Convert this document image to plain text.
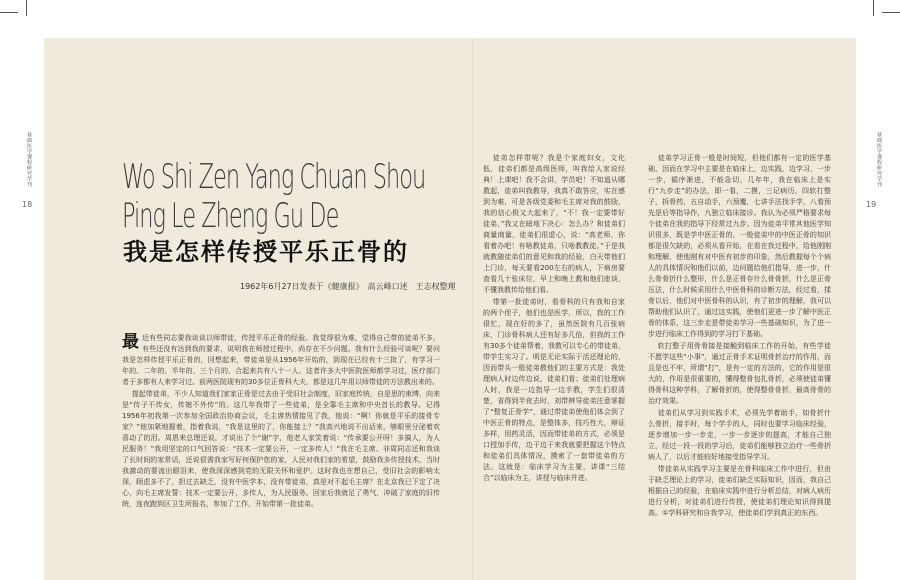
基础医学课程研究学刊	基础医学课程研究学刊
18	19
Wo Shi Zen Yang Chuan Shou
Ping Le Zheng Gu De
我是怎样传授平乐正骨的
1962年6月27日发表于《健康报》　高云峰口述　王志权整理

最近有些同志要我谈谈以师带徒，传授平乐正骨的经验。我觉得很为难，觉得自己带的徒弟不多，有些还没有达到我的要求，说明我在师授过程中，尚存在不少问题。我有什么经验可谈呢？要问我是怎样传授平乐正骨的，回想起来，带徒弟是从1956年开始的，到现在已经有十三批了，有学习一年的、二年的、半年的、三个月的，合起来共有八十一人。这者许多大中医院医师都学习过，医疗部门者于多都有人来学习过。前两医院现有的30多位正骨科大夫，都是这几年用以师带徒的方法教出来的。

提起带徒弟，不少人知道我们家家正骨是过去由于受旧社会制度，旧家庭传统，自是思的束缚，向来是“传子不传女，传媳不外传”的。这几年我带了一些徒弟，是全靠毛主席和中央首长的教导。记得1956年初我第一次参加全国政治协商会议，毛主席热情接见了我，他说：“啊！你就是平乐的接骨专家？”他加紧地握着，指着我说，“我是这里的了，你能接上？”我高兴地说不出话来，够眼里分泌着欢喜动了的泪。周恩来总理还说，才说出了个“谢”字，他老人家笑着说：“传承要公开呀！多搞人，为人民服务！”我用坚定的口气回答说：“技术一定要公开，一定多传人！”我在毛主席、非周同志还和我谈了长时间的家常话，还说很需我家写好何保护您的家，人民对我们家的希望，鼓励我多传授技术，当时我激动的要流出眼泪来，使我深深感到党的无限关怀和爱护。这时我也在想自己，受旧社会的影响太深，顾虑多不了，担过去缺乏，没有中医学本，没有带徒弟，真是对不起毛主席？在北京我已下定了决心，向毛主席发誓：技术一定要公开，多传人，为人民服务。回家后我就足了勇气，冲破了家庭的旧传统，连夜跑到区卫生所报名，参加了工作，开始带第一批徒弟。

徒弟怎样带呢？我是个家庭妇女，文化低，徒弟们都是高级医师，叫我给人家说经典！上课吧！我不会讲，学员吧！不知道从哪教起，徒弟叫我教导，我真不敢答应，实在感到为难，可是各级党委和毛主席对我的鼓励，我的信心极又大起来了，“不！我一定要带好徒弟，”我又在暗地下决心：怎么办？和徒弟们商量商量，徒弟们很虚心，说：“高老师，你看着办吧！有啥教徒弟，只啥教教徒。”于是我就教随徒弟们的意见和我的经验，白天带他们上门诊，每天要看200左右的病人，下病房要查看几十张床位，早上和晚上教和他们座谈，不懂我教传给他们看。

带第一批徒弟时，看骨科的只有我和自家的两个侄子，他们也是医学，所以，我的工作很忙，现在好的多了，虽然医院有几百张病床，门诊骨科病人还有好多几倍，但我的工作有30多个徒弟帮着，我教可以专心的带徒弟，带学生实习了。明是无论实际干活还理论的，因而带头一般徒弟教他们的主要方式是：我处理病人时边传边说，徒弟们看；徒弟们处理病人时，我是一边指导一边手教，学生们很清楚，省得到半夜去时，刘带辨导徒弟注意掌握了“整复正骨学”，通过带徒弟使他们体会到了中医正骨的特点，是整体多，技巧性大，辩证多样，用药灵活，因而带徒弟的方式，必须是口授加手传，边干边干来我就要把握这个特点和徒弟们具体情况，摸索了一套带徒弟的方法。这就是：临床学习为主要，讲课“三结合”以临床为主，讲授与临床并进。

徒弟学习正骨一般是时间短，但他们都有一定的医学基础，因而在学习中主要是在临床上，边实践，边学习，一步一步，循序渐进，不能急切，几年年，我在临床上是实行“九步走”的办法，即一看，二摸，三记病历，四软打整子，拆骨药，五自动手，六预覆，七讲手法找手学，八看预先是后等指导作，九独立临床接诊。我认为必须严格要求每个徒弟在我的指导下经常过九步。因为徒弟平常其他医学知识很多，既是学中医正骨的，一般徒弟中的中医正骨的知识都是很欠缺的，必须从看开始，在看在我过程中，给他刚刚和理解，使他刚有对中医有初步的印象，然后教握每个个病人的具体情况和他们以前，边问题给他们指导，进一步，什么骨骨折什么整形，什么是正骨存什么骨骨折，什么是正骨压法，什么时候采用什么中医骨科的诊断方法，经过看，揉骨以后，他们对中医骨科的认识，有了初步的理解，我可以帮助他们认识了，通过这实践，使他们更进一步了解中医正骨的体系，这三步走是带徒弟学习一些基础知识，为了进一步进行临床工作得到的学习打下基础。

软打整子用骨骨接是接触到临床工作的开始，有些学徒不愿学这些“小事”，通过正骨手术证明骨折治疗的作用，而且是也不牢，所谓“打”，是有一定的方法的，它的作用是很大的，作用是很重要的，懂得整骨包扎骨折，必须使徒弟懂得骨科这种学科，了解骨折的，使得整骨骨折，最高骨骨的治疗效果。

徒弟们从学习到实践手术，必须先学着助手，如骨折什么骨折，接手时，每个学手的人，同时也要学习临床经验，逐步增加一步一步走，一步一步逐步的提高，才能自己独立，经过一段一段的学习后，徒弟们能够独立治疗一些骨折病人了，以后才能较好地接受指导学习。

带徒弟从实践学习主要是在骨科临床工作中进行，但由于缺乏理论上的学习，徒弟们缺乏实际知识，因而，我自己根据自己的经验，在临床实践中进行分析总结，对病人病历进行分析，对徒弟们进行传授，使徒弟们理论知识得到提高。①学科研究和自我学习，使徒弟们学到真正的东西。
